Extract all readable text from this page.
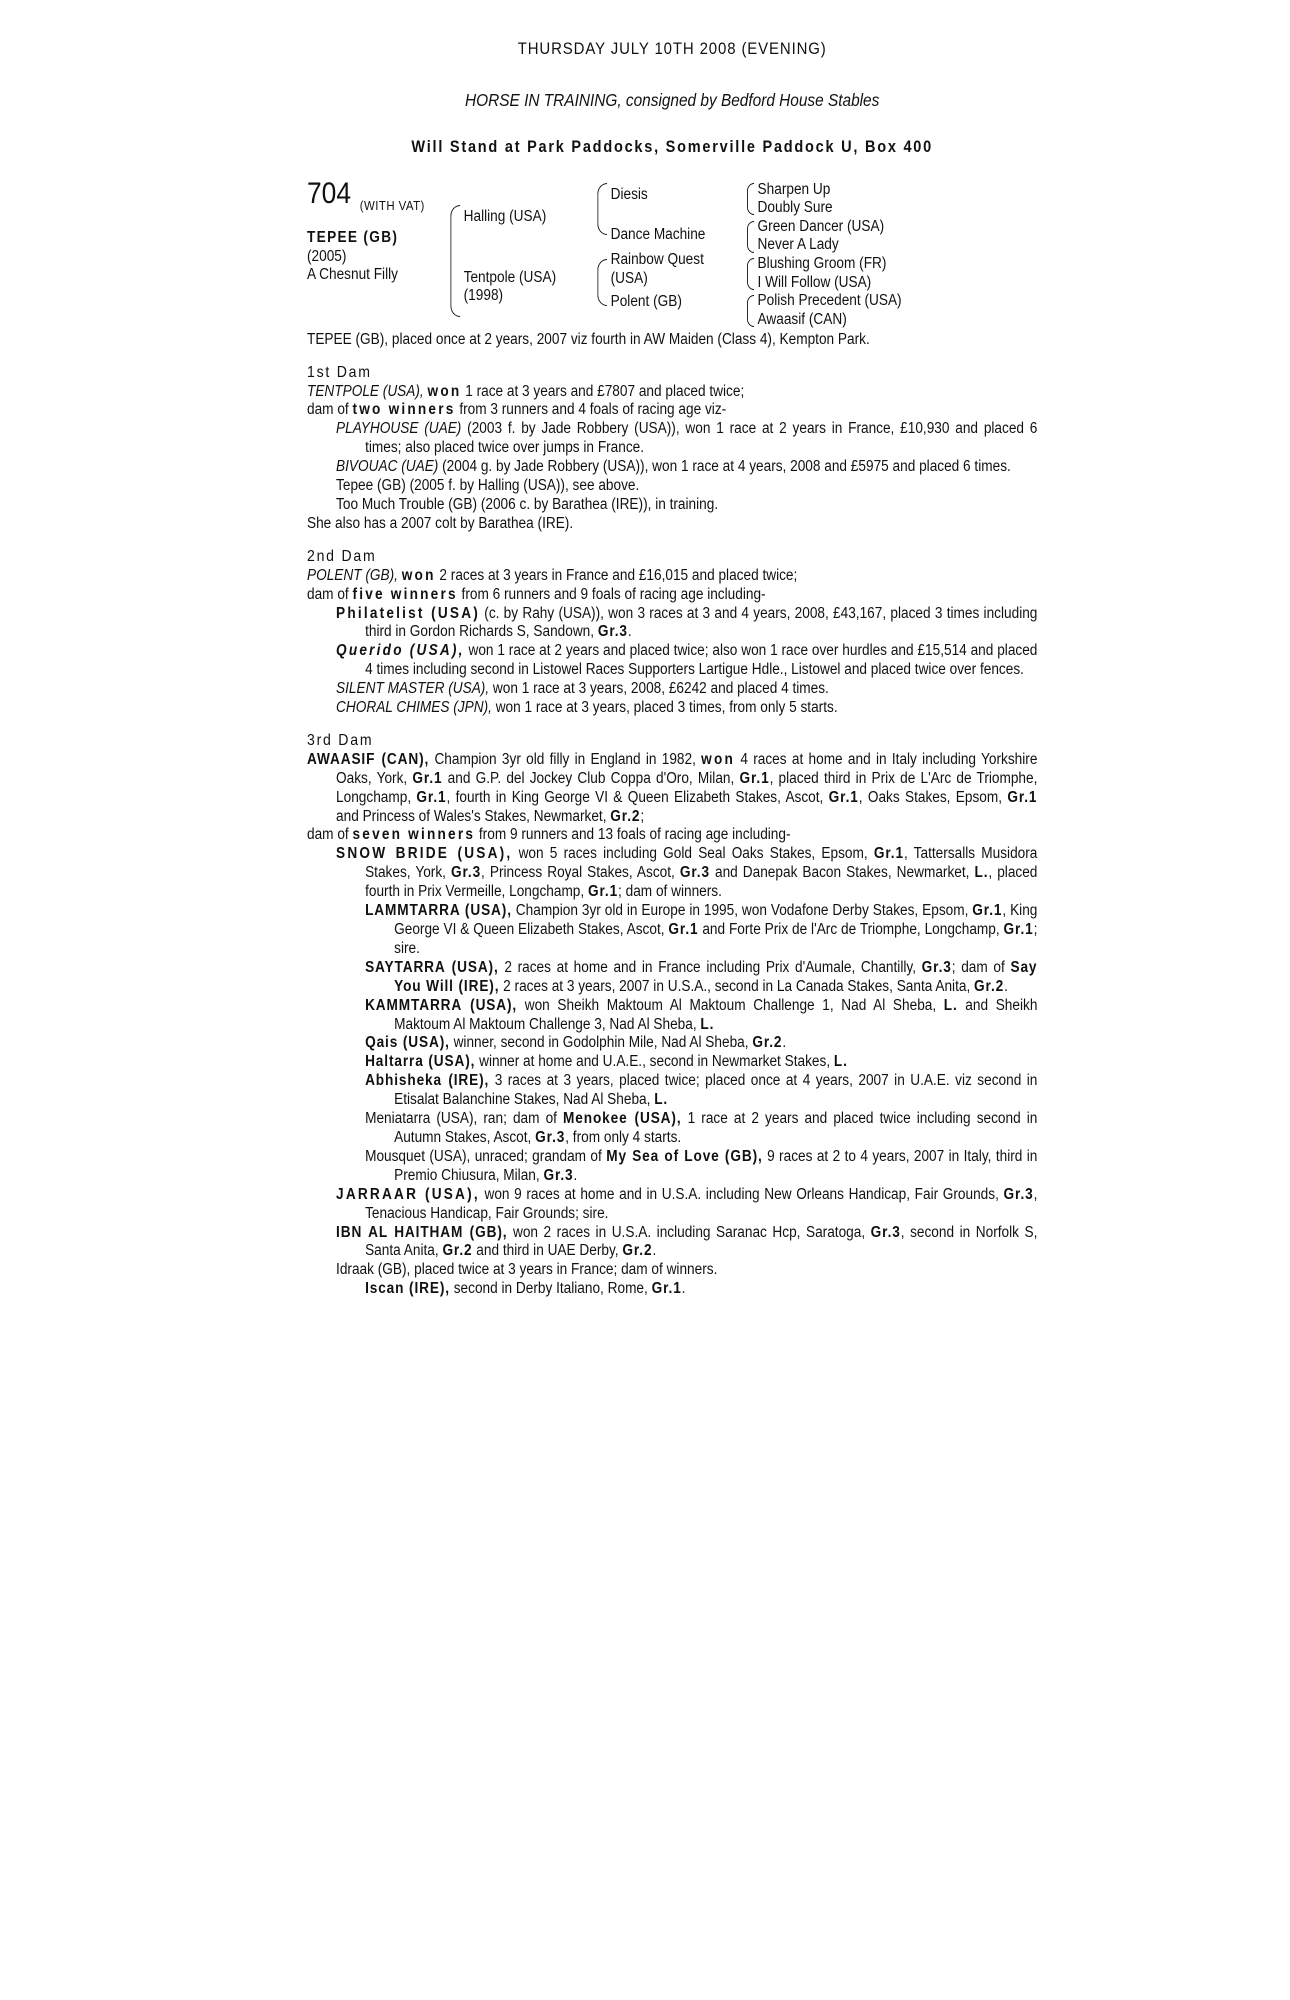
THURSDAY JULY 10TH 2008 (EVENING)
HORSE IN TRAINING, consigned by Bedford House Stables
Will Stand at Park Paddocks, Somerville Paddock U, Box 400
704 (WITH VAT)
TEPEE (GB)
(2005)
A Chesnut Filly
Halling (USA)
Tentpole (USA)
(1998)
Diesis
Dance Machine
Rainbow Quest
(USA)
Polent (GB)
Sharpen Up
Doubly Sure
Green Dancer (USA)
Never A Lady
Blushing Groom (FR)
I Will Follow (USA)
Polish Precedent (USA)
Awaasif (CAN)

TEPEE (GB), placed once at 2 years, 2007 viz fourth in AW Maiden (Class 4), Kempton Park.

1st Dam

TENTPOLE (USA), won 1 race at 3 years and £7807 and placed twice;

dam of two winners from 3 runners and 4 foals of racing age viz-

PLAYHOUSE (UAE) (2003 f. by Jade Robbery (USA)), won 1 race at 2 years in France, £10,930 and placed 6 times; also placed twice over jumps in France.

BIVOUAC (UAE) (2004 g. by Jade Robbery (USA)), won 1 race at 4 years, 2008 and £5975 and placed 6 times.

Tepee (GB) (2005 f. by Halling (USA)), see above.

Too Much Trouble (GB) (2006 c. by Barathea (IRE)), in training.

She also has a 2007 colt by Barathea (IRE).

2nd Dam

POLENT (GB), won 2 races at 3 years in France and £16,015 and placed twice;

dam of five winners from 6 runners and 9 foals of racing age including-

Philatelist (USA) (c. by Rahy (USA)), won 3 races at 3 and 4 years, 2008, £43,167, placed 3 times including third in Gordon Richards S, Sandown, Gr.3.

Querido (USA), won 1 race at 2 years and placed twice; also won 1 race over hurdles and £15,514 and placed 4 times including second in Listowel Races Supporters Lartigue Hdle., Listowel and placed twice over fences.

SILENT MASTER (USA), won 1 race at 3 years, 2008, £6242 and placed 4 times.

CHORAL CHIMES (JPN), won 1 race at 3 years, placed 3 times, from only 5 starts.

3rd Dam

AWAASIF (CAN), Champion 3yr old filly in England in 1982, won 4 races at home and in Italy including Yorkshire Oaks, York, Gr.1 and G.P. del Jockey Club Coppa d'Oro, Milan, Gr.1, placed third in Prix de L'Arc de Triomphe, Longchamp, Gr.1, fourth in King George VI & Queen Elizabeth Stakes, Ascot, Gr.1, Oaks Stakes, Epsom, Gr.1 and Princess of Wales's Stakes, Newmarket, Gr.2;

dam of seven winners from 9 runners and 13 foals of racing age including-

SNOW BRIDE (USA), won 5 races including Gold Seal Oaks Stakes, Epsom, Gr.1, Tattersalls Musidora Stakes, York, Gr.3, Princess Royal Stakes, Ascot, Gr.3 and Danepak Bacon Stakes, Newmarket, L., placed fourth in Prix Vermeille, Longchamp, Gr.1; dam of winners.

LAMMTARRA (USA), Champion 3yr old in Europe in 1995, won Vodafone Derby Stakes, Epsom, Gr.1, King George VI & Queen Elizabeth Stakes, Ascot, Gr.1 and Forte Prix de l'Arc de Triomphe, Longchamp, Gr.1; sire.

SAYTARRA (USA), 2 races at home and in France including Prix d'Aumale, Chantilly, Gr.3; dam of Say You Will (IRE), 2 races at 3 years, 2007 in U.S.A., second in La Canada Stakes, Santa Anita, Gr.2.

KAMMTARRA (USA), won Sheikh Maktoum Al Maktoum Challenge 1, Nad Al Sheba, L. and Sheikh Maktoum Al Maktoum Challenge 3, Nad Al Sheba, L.

Qais (USA), winner, second in Godolphin Mile, Nad Al Sheba, Gr.2.

Haltarra (USA), winner at home and U.A.E., second in Newmarket Stakes, L.

Abhisheka (IRE), 3 races at 3 years, placed twice; placed once at 4 years, 2007 in U.A.E. viz second in Etisalat Balanchine Stakes, Nad Al Sheba, L.

Meniatarra (USA), ran; dam of Menokee (USA), 1 race at 2 years and placed twice including second in Autumn Stakes, Ascot, Gr.3, from only 4 starts.

Mousquet (USA), unraced; grandam of My Sea of Love (GB), 9 races at 2 to 4 years, 2007 in Italy, third in Premio Chiusura, Milan, Gr.3.

JARRAAR (USA), won 9 races at home and in U.S.A. including New Orleans Handicap, Fair Grounds, Gr.3, Tenacious Handicap, Fair Grounds; sire.

IBN AL HAITHAM (GB), won 2 races in U.S.A. including Saranac Hcp, Saratoga, Gr.3, second in Norfolk S, Santa Anita, Gr.2 and third in UAE Derby, Gr.2.

Idraak (GB), placed twice at 3 years in France; dam of winners.

Iscan (IRE), second in Derby Italiano, Rome, Gr.1.
